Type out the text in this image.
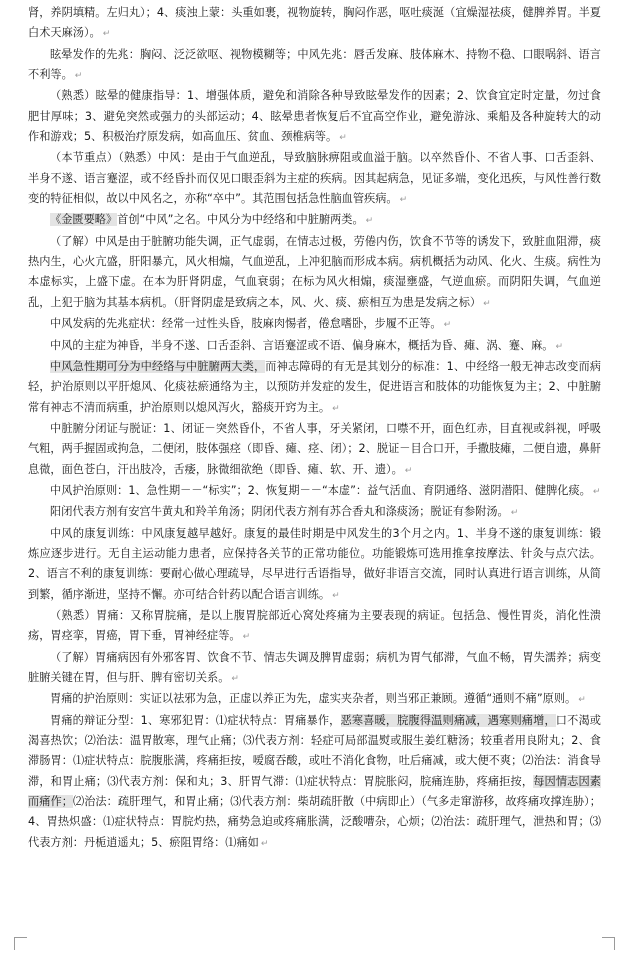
肾，养阴填精。左归丸）；4、痰浊上蒙：头重如裹，视物旋转，胸闷作恶，呕吐痰涎（宜燥湿祛痰，健脾养胃。半夏白术天麻汤）。 ↵

眩晕发作的先兆：胸闷、泛泛欲呕、视物模糊等；中风先兆：唇舌发麻、肢体麻木、持物不稳、口眼㖞斜、语言不利等。 ↵

（熟悉）眩晕的健康指导：1、增强体质，避免和消除各种导致眩晕发作的因素；2、饮食宜定时定量，勿过食肥甘厚味；3、避免突然或强力的头部运动；4、眩晕患者恢复后不宜高空作业，避免游泳、乘船及各种旋转大的动作和游戏；5、积极治疗原发病，如高血压、贫血、颈椎病等。 ↵

（本节重点）（熟悉）中风：是由于气血逆乱，导致脑脉痹阻或血溢于脑。以卒然昏仆、不省人事、口舌歪斜、半身不遂、语言蹇涩，或不经昏扑而仅见口眼歪斜为主症的疾病。因其起病急，见证多端，变化迅疾，与风性善行数变的特征相似，故以中风名之，亦称“卒中”。其范围包括急性脑血管疾病。 ↵

《金匮要略》首创“中风”之名。中风分为中经络和中脏腑两类。 ↵

（了解）中风是由于脏腑功能失调，正气虚弱，在情志过极，劳倦内伤，饮食不节等的诱发下，致脏血阻滞，痰热内生，心火亢盛，肝阳暴亢，风火相煽，气血逆乱，上冲犯脑而形成本病。病机概括为动风、化火、生痰。病性为本虚标实，上盛下虚。在本为肝肾阴虚，气血衰弱；在标为风火相煽，痰湿壅盛，气逆血瘀。而阴阳失调，气血逆乱，上犯于脑为其基本病机。（肝肾阴虚是致病之本，风、火、痰、瘀相互为患是发病之标） ↵

中风发病的先兆症状：经常一过性头昏，肢麻肉惕者，倦怠嗜卧，步履不正等。 ↵

中风的主症为神昏，半身不遂、口舌歪斜、言语蹇涩或不语、偏身麻木，概括为昏、瘫、涡、蹇、麻。 ↵

中风急性期可分为中经络与中脏腑两大类，而神志障碍的有无是其划分的标准：1、中经络一般无神志改变而病轻，护治原则以平肝熄风、化痰祛瘀通络为主，以预防并发症的发生，促进语言和肢体的功能恢复为主；2、中脏腑常有神志不清而病重，护治原则以熄风泻火，豁痰开窍为主。 ↵

中脏腑分闭证与脱证：1、闭证－突然昏仆，不省人事，牙关紧闭，口噤不开，面色红赤，目直视或斜视，呼吸气粗，两手握固或拘急，二便闭，肢体强痉（即昏、瘫、痉、闭）；2、脱证－目合口开，手撒肢瘫，二便自遗，鼻鼾息微，面色苍白，汗出肢冷，舌痿，脉微细欲绝（即昏、瘫、软、开、遗）。 ↵

中风护治原则：1、急性期－－“标实”；2、恢复期－－“本虚”：益气活血、育阴通络、滋阴潜阳、健脾化痰。 ↵

阳闭代表方剂有安宫牛黄丸和羚羊角汤；阴闭代表方剂有苏合香丸和涤痰汤；脱证有参附汤。 ↵

中风的康复训练：中风康复越早越好。康复的最佳时期是中风发生的3个月之内。1、半身不遂的康复训练：锻炼应逐步进行。无自主运动能力患者，应保持各关节的正常功能位。功能锻炼可选用推拿按摩法、针灸与点穴法。2、语言不利的康复训练：要耐心做心理疏导，尽早进行舌语指导，做好非语言交流，同时认真进行语言训练，从简到繁，循序渐进，坚持不懈。亦可结合针药以配合语言训练。 ↵

（熟悉）胃痛：又称胃脘痛，是以上腹胃脘部近心窝处疼痛为主要表现的病证。包括急、慢性胃炎，消化性溃疡，胃痉挛，胃癌，胃下垂，胃神经症等。 ↵

（了解）胃痛病因有外邪客胃、饮食不节、情志失调及脾胃虚弱；病机为胃气郁滞，气血不畅，胃失濡养；病变脏腑关键在胃，但与肝、脾有密切关系。 ↵

胃痛的护治原则：实证以祛邪为急，正虚以养正为先，虚实夹杂者，则当邪正兼顾。遵循“通则不痛”原则。 ↵

胃痛的辩证分型：1、寒邪犯胃：⑴症状特点：胃痛暴作，恶寒喜暖，脘腹得温则痛减，遇寒则痛增，口不渴或渴喜热饮；⑵治法：温胃散寒，理气止痛；⑶代表方剂：轻症可局部温熨或服生姜红糖汤；较重者用良附丸；2、食滞肠胃：⑴症状特点：脘腹胀满，疼痛拒按，嗳腐吞酸，或吐不消化食物，吐后痛减，或大便不爽；⑵治法：消食导滞，和胃止痛；⑶代表方剂：保和丸；3、肝胃气滞：⑴症状特点：胃脘胀闷，脘痛连胁，疼痛拒按，每因情志因素而痛作；⑵治法：疏肝理气，和胃止痛；⑶代表方剂：柴胡疏肝散（中病即止）（气多走窜游移，故疼痛攻撑连胁）；4、胃热炽盛：⑴症状特点：胃脘灼热，痛势急迫或疼痛胀满，泛酸嘈杂，心烦；⑵治法：疏肝理气，泄热和胃；⑶代表方剂：丹栀逍遥丸；5、瘀阻胃络：⑴痛如 ↵
